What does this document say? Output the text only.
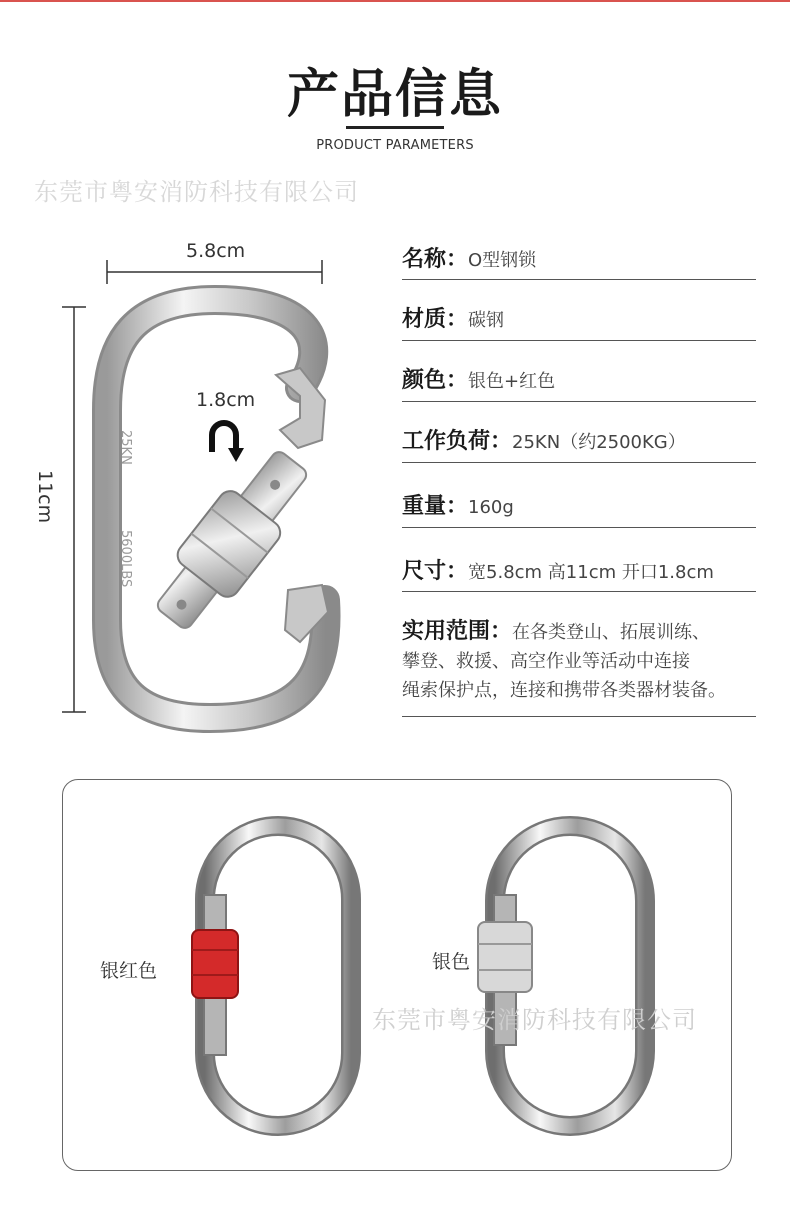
产品信息
PRODUCT PARAMETERS
东莞市粤安消防科技有限公司
25KN
5600LBS
5.8cm
11cm
1.8cm
名称： O型钢锁
材质： 碳钢
颜色： 银色+红色
工作负荷： 25KN（约2500KG）
重量： 160g
尺寸： 宽5.8cm 高11cm 开口1.8cm
实用范围：在各类登山、拓展训练、
攀登、救援、高空作业等活动中连接
绳索保护点，连接和携带各类器材装备。
银红色	银色
东莞市粤安消防科技有限公司
